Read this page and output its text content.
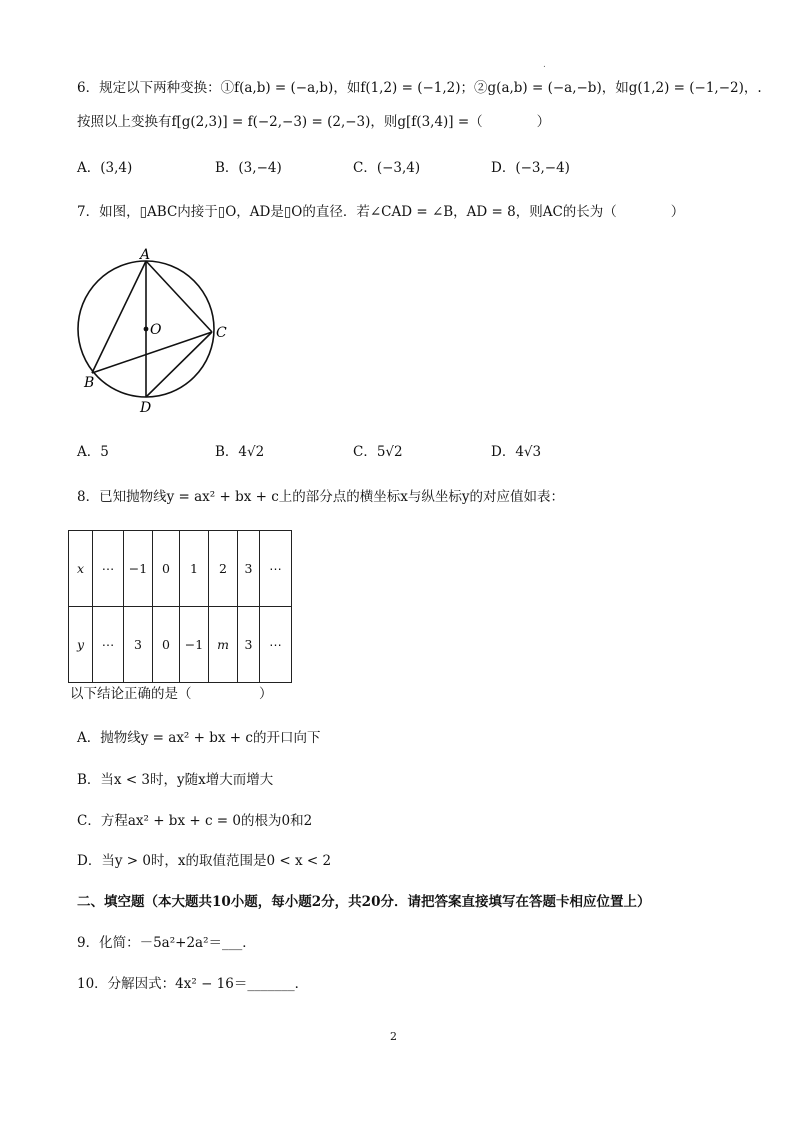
.
6．规定以下两种变换：①f(a,b) = (−a,b)，如f(1,2) = (−1,2)；②g(a,b) = (−a,−b)，如g(1,2) = (−1,−2)，.
按照以上变换有f[g(2,3)] = f(−2,−3) = (2,−3)，则g[f(3,4)] =（　　　　）
A．(3,4)	B．(3,−4)	C．(−3,4)	D．(−3,−4)
7．如图，▯ABC内接于▯O，AD是▯O的直径．若∠CAD = ∠B，AD = 8，则AC的长为（　　　　）
A
O	C
B
D
A．5	B．4√2	C．5√2	D．4√3
8．已知抛物线y = ax² + bx + c上的部分点的横坐标x与纵坐标y的对应值如表：
x	⋯	−1	0	1	2	3	⋯
y	⋯	3	0	−1	m	3	⋯
以下结论正确的是（　　　　　）
A．抛物线y = ax² + bx + c的开口向下
B．当x < 3时，y随x增大而增大
C．方程ax² + bx + c = 0的根为0和2
D．当y > 0时，x的取值范围是0 < x < 2
二、填空题（本大题共10小题，每小题2分，共20分．请把答案直接填写在答题卡相应位置上）
9．化简：－5a²+2a²＝___．
10．分解因式：4x² − 16＝_______．
2
